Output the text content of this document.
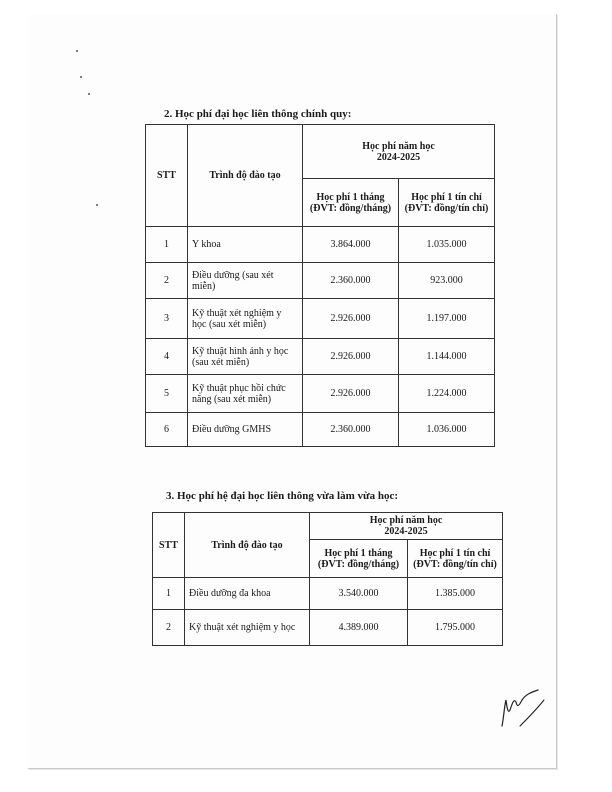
2. Học phí đại học liên thông chính quy:
STT	Trình độ đào tạo	Học phí năm học
2024-2025	

		Học phí 1 tháng (ĐVT: đồng/tháng)	Học phí 1 tín chỉ (ĐVT: đồng/tín chỉ)
1	Y khoa	3.864.000	1.035.000
2	Điều dưỡng (sau xét miễn)	2.360.000	923.000
3	Kỹ thuật xét nghiệm y học (sau xét miễn)	2.926.000	1.197.000
4	Kỹ thuật hình ảnh y học (sau xét miễn)	2.926.000	1.144.000
5	Kỹ thuật phục hồi chức năng (sau xét miễn)	2.926.000	1.224.000
6	Điều dưỡng GMHS	2.360.000	1.036.000
3. Học phí hệ đại học liên thông vừa làm vừa học:
STT	Trình độ đào tạo	Học phí năm học
2024-2025	

		Học phí 1 tháng (ĐVT: đồng/tháng)	Học phí 1 tín chỉ (ĐVT: đồng/tín chỉ)
1	Điều dưỡng đa khoa	3.540.000	1.385.000
2	Kỹ thuật xét nghiệm y học	4.389.000	1.795.000
